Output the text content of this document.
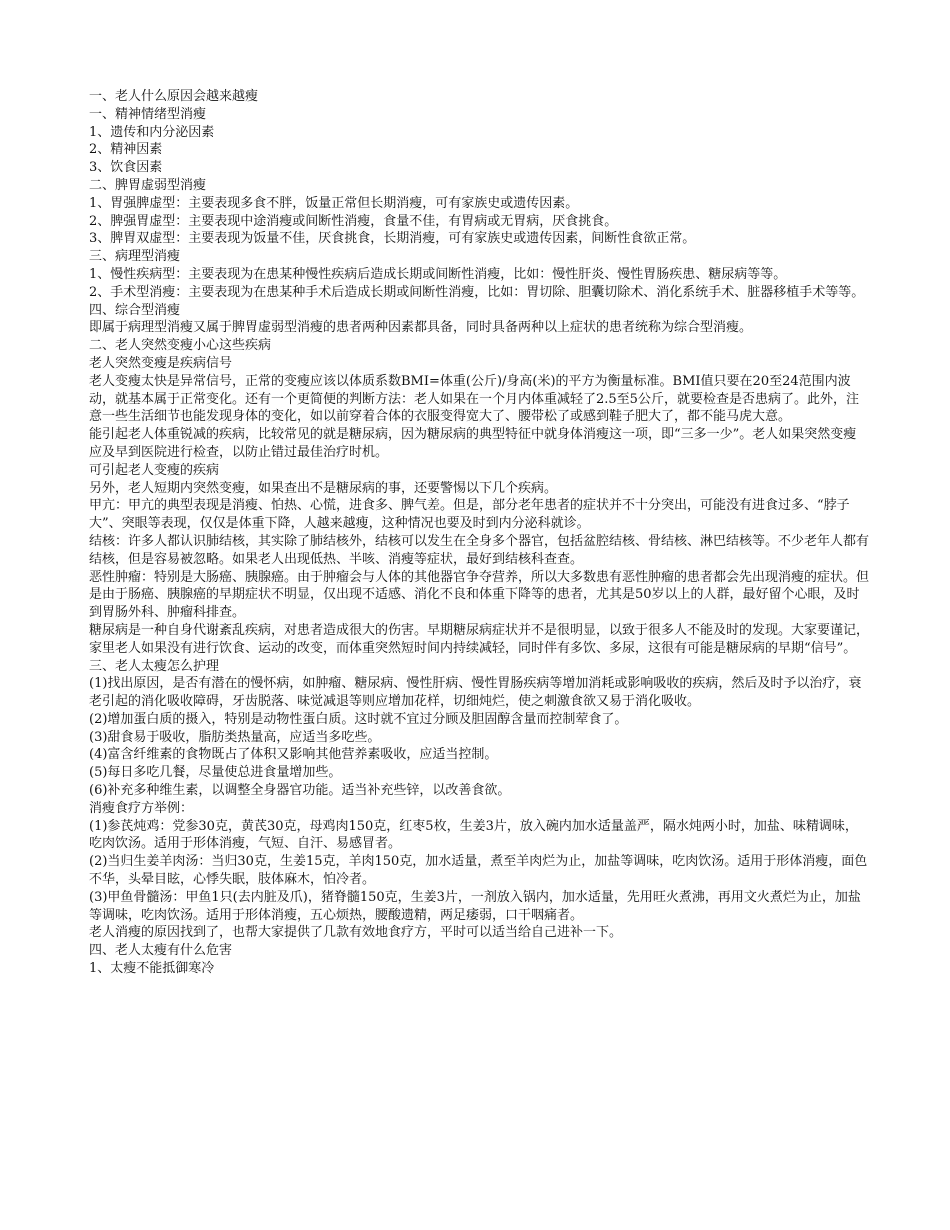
一、老人什么原因会越来越瘦

一、精神情绪型消瘦

1、遗传和内分泌因素

2、精神因素

3、饮食因素

二、脾胃虚弱型消瘦

1、胃强脾虚型：主要表现多食不胖，饭量正常但长期消瘦，可有家族史或遗传因素。

2、脾强胃虚型：主要表现中途消瘦或间断性消瘦，食量不佳，有胃病或无胃病，厌食挑食。

3、脾胃双虚型：主要表现为饭量不佳，厌食挑食，长期消瘦，可有家族史或遗传因素，间断性食欲正常。

三、病理型消瘦

1、慢性疾病型：主要表现为在患某种慢性疾病后造成长期或间断性消瘦，比如：慢性肝炎、慢性胃肠疾患、糖尿病等等。

2、手术型消瘦：主要表现为在患某种手术后造成长期或间断性消瘦，比如：胃切除、胆囊切除术、消化系统手术、脏器移植手术等等。

四、综合型消瘦

即属于病理型消瘦又属于脾胃虚弱型消瘦的患者两种因素都具备，同时具备两种以上症状的患者统称为综合型消瘦。

二、老人突然变瘦小心这些疾病

老人突然变瘦是疾病信号

老人变瘦太快是异常信号，正常的变瘦应该以体质系数BMI=体重(公斤)/身高(米)的平方为衡量标准。BMI值只要在20至24范围内波动，就基本属于正常变化。还有一个更简便的判断方法：老人如果在一个月内体重减轻了2.5至5公斤，就要检查是否患病了。此外，注意一些生活细节也能发现身体的变化，如以前穿着合体的衣服变得宽大了、腰带松了或感到鞋子肥大了，都不能马虎大意。

能引起老人体重锐减的疾病，比较常见的就是糖尿病，因为糖尿病的典型特征中就身体消瘦这一项，即“三多一少”。老人如果突然变瘦应及早到医院进行检查，以防止错过最佳治疗时机。

可引起老人变瘦的疾病

另外，老人短期内突然变瘦，如果查出不是糖尿病的事，还要警惕以下几个疾病。

甲亢：甲亢的典型表现是消瘦、怕热、心慌，进食多、脾气差。但是，部分老年患者的症状并不十分突出，可能没有进食过多、“脖子大”、突眼等表现，仅仅是体重下降，人越来越瘦，这种情况也要及时到内分泌科就诊。

结核：许多人都认识肺结核，其实除了肺结核外，结核可以发生在全身多个器官，包括盆腔结核、骨结核、淋巴结核等。不少老年人都有结核，但是容易被忽略。如果老人出现低热、半咳、消瘦等症状，最好到结核科查查。

恶性肿瘤：特别是大肠癌、胰腺癌。由于肿瘤会与人体的其他器官争夺营养，所以大多数患有恶性肿瘤的患者都会先出现消瘦的症状。但是由于肠癌、胰腺癌的早期症状不明显，仅出现不适感、消化不良和体重下降等的患者，尤其是50岁以上的人群，最好留个心眼，及时到胃肠外科、肿瘤科排查。

糖尿病是一种自身代谢紊乱疾病，对患者造成很大的伤害。早期糖尿病症状并不是很明显，以致于很多人不能及时的发现。大家要谨记，家里老人如果没有进行饮食、运动的改变，而体重突然短时间内持续减轻，同时伴有多饮、多尿，这很有可能是糖尿病的早期“信号”。

三、老人太瘦怎么护理

(1)找出原因，是否有潜在的慢怀病，如肿瘤、糖尿病、慢性肝病、慢性胃肠疾病等增加消耗或影响吸收的疾病，然后及时予以治疗，衰老引起的消化吸收障碍，牙齿脱落、味觉减退等则应增加花样，切细炖烂，使之刺激食欲又易于消化吸收。

(2)增加蛋白质的摄入，特别是动物性蛋白质。这时就不宜过分顾及胆固醇含量而控制荤食了。

(3)甜食易于吸收，脂肪类热量高，应适当多吃些。

(4)富含纤维素的食物既占了体积又影响其他营养素吸收，应适当控制。

(5)每日多吃几餐，尽量使总进食量增加些。

(6)补充多种维生素，以调整全身器官功能。适当补充些锌，以改善食欲。

消瘦食疗方举例：

(1)参芪炖鸡：党参30克，黄芪30克，母鸡肉150克，红枣5枚，生姜3片，放入碗内加水适量盖严，隔水炖两小时，加盐、味精调味，吃肉饮汤。适用于形体消瘦，气短、自汗、易感冒者。

(2)当归生姜羊肉汤：当归30克，生姜15克，羊肉150克，加水适量，煮至羊肉烂为止，加盐等调味，吃肉饮汤。适用于形体消瘦，面色不华，头晕目眩，心悸失眠，肢体麻木，怕冷者。

(3)甲鱼骨髓汤：甲鱼1只(去内脏及爪)，猪脊髓150克，生姜3片，一剂放入锅内，加水适量，先用旺火煮沸，再用文火煮烂为止，加盐等调味，吃肉饮汤。适用于形体消瘦，五心烦热，腰酸遗精，两足痿弱，口干咽痛者。

老人消瘦的原因找到了，也帮大家提供了几款有效地食疗方，平时可以适当给自己进补一下。

四、老人太瘦有什么危害

1、太瘦不能抵御寒冷
